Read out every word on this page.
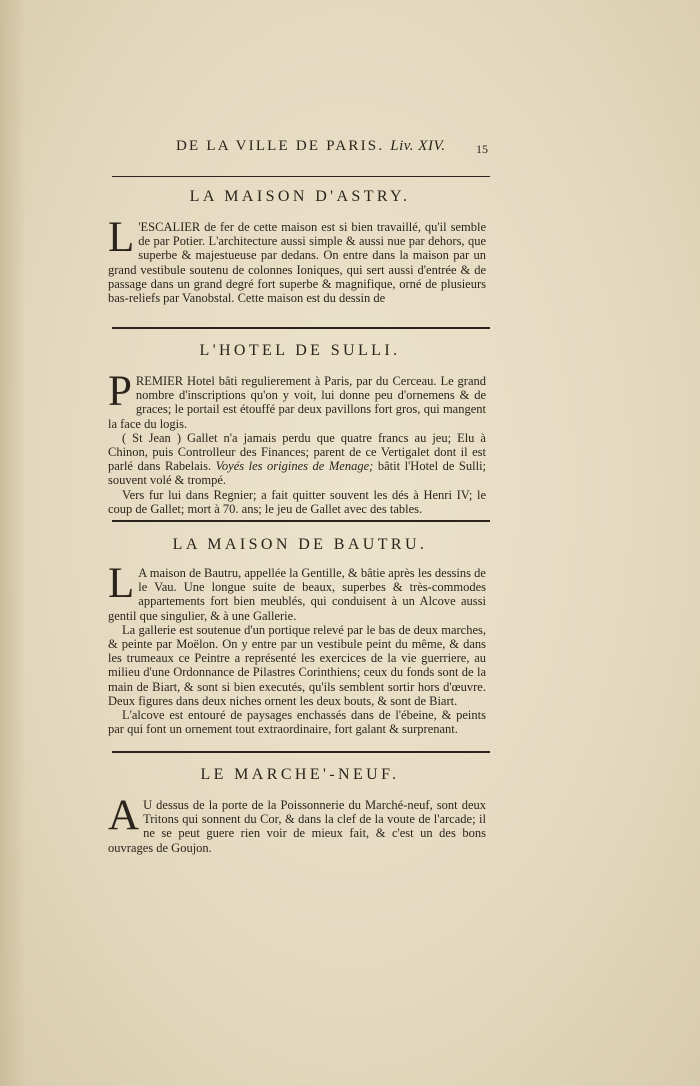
DE LA VILLE DE PARIS. Liv. XIV.	15
LA MAISON D'ASTRY.

L 'ESCALIER de fer de cette maison est si bien travaillé, qu'il semble de par Potier. L'architecture aussi simple & aussi nue par dehors, que superbe & majestueuse par dedans. On entre dans la maison par un grand vestibule soutenu de colonnes Ioniques, qui sert aussi d'entrée & de passage dans un grand degré fort superbe & magnifique, orné de plusieurs bas-reliefs par Vanobstal. Cette maison est du dessin de

L'HOTEL DE SULLI.

PREMIER Hotel bâti regulierement à Paris, par du Cerceau. Le grand nombre d'inscriptions qu'on y voit, lui donne peu d'ornemens & de graces; le portail est étouffé par deux pavillons fort gros, qui mangent la face du logis.

( St Jean ) Gallet n'a jamais perdu que quatre francs au jeu; Elu à Chinon, puis Controlleur des Finances; parent de ce Vertigalet dont il est parlé dans Rabelais. Voyés les origines de Menage; bâtit l'Hotel de Sulli; souvent volé & trompé.

Vers fur lui dans Regnier; a fait quitter souvent les dés à Henri IV; le coup de Gallet; mort à 70. ans; le jeu de Gallet avec des tables.

LA MAISON DE BAUTRU.

L A maison de Bautru, appellée la Gentille, & bâtie après les dessins de le Vau. Une longue suite de beaux, superbes & très-commodes appartements fort bien meublés, qui conduisent à un Alcove aussi gentil que singulier, & à une Gallerie.

La gallerie est soutenue d'un portique relevé par le bas de deux marches, & peinte par Moëlon. On y entre par un vestibule peint du même, & dans les trumeaux ce Peintre a représenté les exercices de la vie guerriere, au milieu d'une Ordonnance de Pilastres Corinthiens; ceux du fonds sont de la main de Biart, & sont si bien executés, qu'ils semblent sortir hors d'œuvre. Deux figures dans deux niches ornent les deux bouts, & sont de Biart.

L'alcove est entouré de paysages enchassés dans de l'ébeine, & peints par qui font un ornement tout extraordinaire, fort galant & surprenant.

LE MARCHE'-NEUF.

A U dessus de la porte de la Poissonnerie du Marché-neuf, sont deux Tritons qui sonnent du Cor, & dans la clef de la voute de l'arcade; il ne se peut guere rien voir de mieux fait, & c'est un des bons ouvrages de Goujon.
